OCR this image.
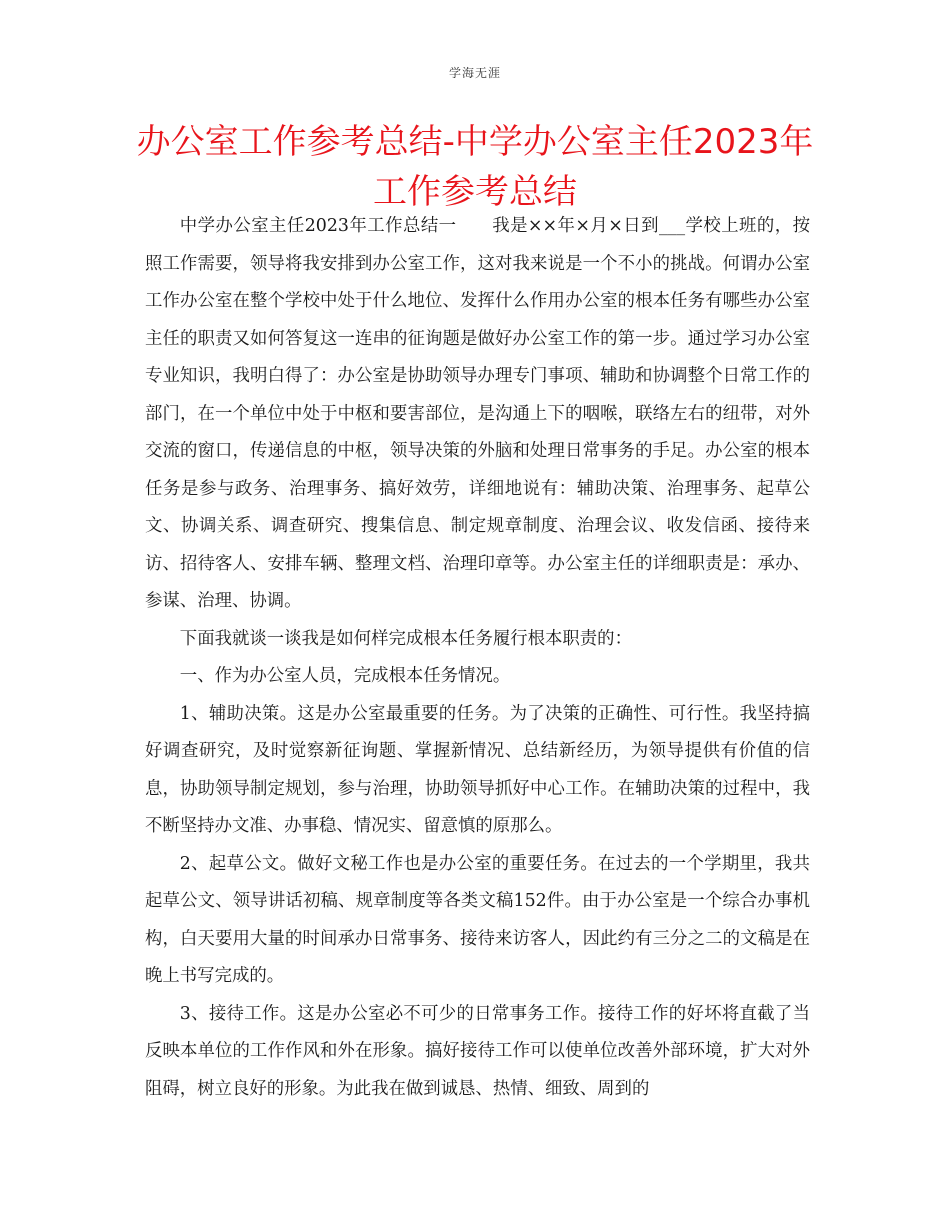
学海无涯
办公室工作参考总结-中学办公室主任2023年工作参考总结

中学办公室主任2023年工作总结一　　我是××年×月×日到___学校上班的，按照工作需要，领导将我安排到办公室工作，这对我来说是一个不小的挑战。何谓办公室工作办公室在整个学校中处于什么地位、发挥什么作用办公室的根本任务有哪些办公室主任的职责又如何答复这一连串的征询题是做好办公室工作的第一步。通过学习办公室专业知识，我明白得了：办公室是协助领导办理专门事项、辅助和协调整个日常工作的部门，在一个单位中处于中枢和要害部位，是沟通上下的咽喉，联络左右的纽带，对外交流的窗口，传递信息的中枢，领导决策的外脑和处理日常事务的手足。办公室的根本任务是参与政务、治理事务、搞好效劳，详细地说有：辅助决策、治理事务、起草公文、协调关系、调查研究、搜集信息、制定规章制度、治理会议、收发信函、接待来访、招待客人、安排车辆、整理文档、治理印章等。办公室主任的详细职责是：承办、参谋、治理、协调。

下面我就谈一谈我是如何样完成根本任务履行根本职责的：

一、作为办公室人员，完成根本任务情况。

1、辅助决策。这是办公室最重要的任务。为了决策的正确性、可行性。我坚持搞好调查研究，及时觉察新征询题、掌握新情况、总结新经历，为领导提供有价值的信息，协助领导制定规划，参与治理，协助领导抓好中心工作。在辅助决策的过程中，我不断坚持办文准、办事稳、情况实、留意慎的原那么。

2、起草公文。做好文秘工作也是办公室的重要任务。在过去的一个学期里，我共起草公文、领导讲话初稿、规章制度等各类文稿152件。由于办公室是一个综合办事机构，白天要用大量的时间承办日常事务、接待来访客人，因此约有三分之二的文稿是在晚上书写完成的。

3、接待工作。这是办公室必不可少的日常事务工作。接待工作的好坏将直截了当反映本单位的工作作风和外在形象。搞好接待工作可以使单位改善外部环境，扩大对外阻碍，树立良好的形象。为此我在做到诚恳、热情、细致、周到的
